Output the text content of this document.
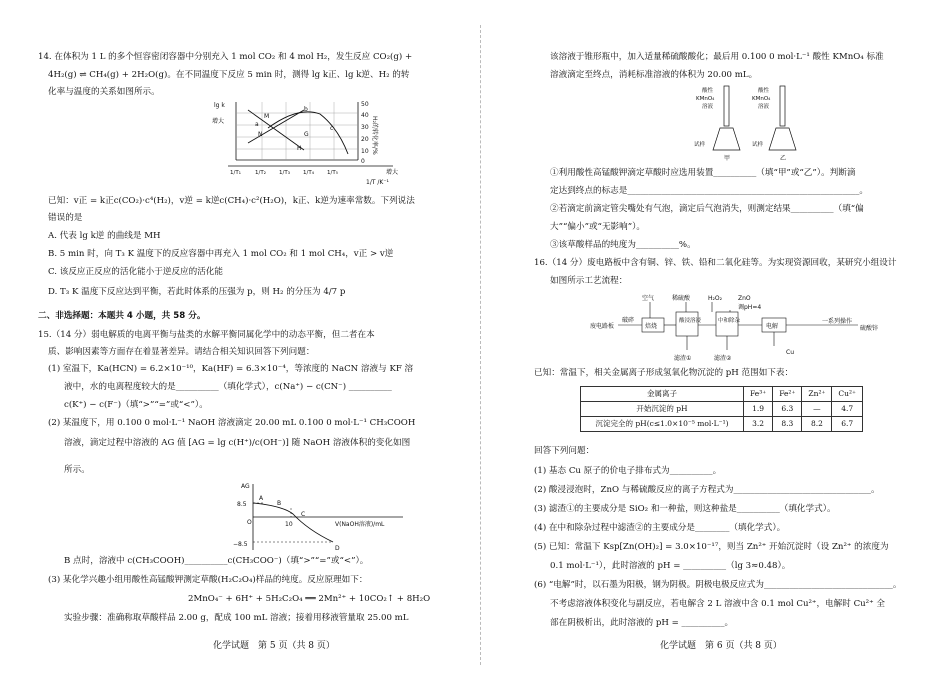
14. 在体积为 1 L 的多个恒容密闭容器中分别充入 1 mol CO₂ 和 4 mol H₂，发生反应 CO₂(g) +
4H₂(g) ⇌ CH₄(g) + 2H₂O(g)。在不同温度下反应 5 min 时，测得 lg k正、lg k逆、H₂ 的转
化率与温度的关系如图所示。
lg k
增大
M
a
b
c
N	G
H
50
40
30
20
10
0
H₂的转化率/%
1/T₁	1/T₂ 1/T₃ 1/T₄ 1/T₅
1/T /K⁻¹
增大
已知：v正 = k正c(CO₂)·c⁴(H₂)，v逆 = k逆c(CH₄)·c²(H₂O)，k正、k逆为速率常数。下列说法
错误的是
A. 代表 lg k逆 的曲线是 MH
B. 5 min 时，向 T₃ K 温度下的反应容器中再充入 1 mol CO₂ 和 1 mol CH₄，v正 > v逆
C. 该反应正反应的活化能小于逆反应的活化能
D. T₃ K 温度下反应达到平衡，若此时体系的压强为 p，则 H₂ 的分压为 4/7 p
二、非选择题：本题共 4 小题，共 58 分。
15.（14 分）弱电解质的电离平衡与盐类的水解平衡同属化学中的动态平衡，但二者在本
质、影响因素等方面存在着显著差异。请结合相关知识回答下列问题：
(1) 室温下，Ka(HCN) = 6.2×10⁻¹⁰，Ka(HF) = 6.3×10⁻⁴，等浓度的 NaCN 溶液与 KF 溶
液中，水的电离程度较大的是__________（填化学式），c(Na⁺) − c(CN⁻) __________
c(K⁺) − c(F⁻)（填“>”“=”或“<”）。
(2) 某温度下，用 0.100 0 mol·L⁻¹ NaOH 溶液滴定 20.00 mL 0.100 0 mol·L⁻¹ CH₃COOH
溶液，滴定过程中溶液的 AG 值 [AG = lg c(H⁺)/c(OH⁻)] 随 NaOH 溶液体积的变化如图
所示。
AG
8.5
−8.5
O	10	V(NaOH溶液)/mL
A
B
C
D
B 点时，溶液中 c(CH₃COOH)__________c(CH₃COO⁻)（填“>”“=”或“<”）。
(3) 某化学兴趣小组用酸性高锰酸钾测定草酸(H₂C₂O₄)样品的纯度。反应原理如下：
2MnO₄⁻ + 6H⁺ + 5H₂C₂O₄ ══ 2Mn²⁺ + 10CO₂↑ + 8H₂O
实验步骤：准确称取草酸样品 2.00 g，配成 100 mL 溶液；接着用移液管量取 25.00 mL
化学试题　第 5 页（共 8 页）
该溶液于锥形瓶中，加入适量稀硫酸酸化；最后用 0.100 0 mol·L⁻¹ 酸性 KMnO₄ 标准
溶液滴定至终点，消耗标准溶液的体积为 20.00 mL。
酸性
KMnO₄
溶液
酸性
KMnO₄
溶液
试样	试样
甲	乙
①利用酸性高锰酸钾滴定草酸时应选用装置__________（填“甲”或“乙”）。判断滴
定达到终点的标志是______________________________________________________。
②若滴定前滴定管尖嘴处有气泡，滴定后气泡消失，则测定结果__________（填“偏
大”“偏小”或“无影响”）。
③该草酸样品的纯度为__________%。
16.（14 分）废电路板中含有铜、锌、铁、铅和二氧化硅等。为实现资源回收，某研究小组设计
如图所示工艺流程：
废电路板
破碎
空气	稀硫酸	H₂O₂	ZnO
调pH=4
一系列操作
硫酸锌
滤渣①	滤渣②
Cu
焙烧
酸浸溶浸	中和除杂
电解
已知：常温下，相关金属离子形成氢氧化物沉淀的 pH 范围如下表：
金属离子	Fe³⁺	Fe²⁺	Zn²⁺	Cu²⁺
开始沉淀的 pH	1.9	6.3	—	4.7
沉淀完全的 pH(c≤1.0×10⁻⁵ mol·L⁻¹)	3.2	8.3	8.2	6.7
回答下列问题：
(1) 基态 Cu 原子的价电子排布式为__________。
(2) 酸浸浸泡时，ZnO 与稀硫酸反应的离子方程式为________________________________。
(3) 滤渣①的主要成分是 SiO₂ 和一种盐，则这种盐是__________（填化学式）。
(4) 在中和除杂过程中滤渣②的主要成分是________（填化学式）。
(5) 已知：常温下 Ksp[Zn(OH)₂] = 3.0×10⁻¹⁷，则当 Zn²⁺ 开始沉淀时（设 Zn²⁺ 的浓度为
0.1 mol·L⁻¹），此时溶液的 pH = __________（lg 3≈0.48）。
(6) “电解”时，以石墨为阳极，钢为阴极。阴极电极反应式为______________________________。
不考虑溶液体积变化与副反应，若电解含 2 L 溶液中含 0.1 mol Cu²⁺，电解时 Cu²⁺ 全
部在阴极析出，此时溶液的 pH = __________。
化学试题　第 6 页（共 8 页）
